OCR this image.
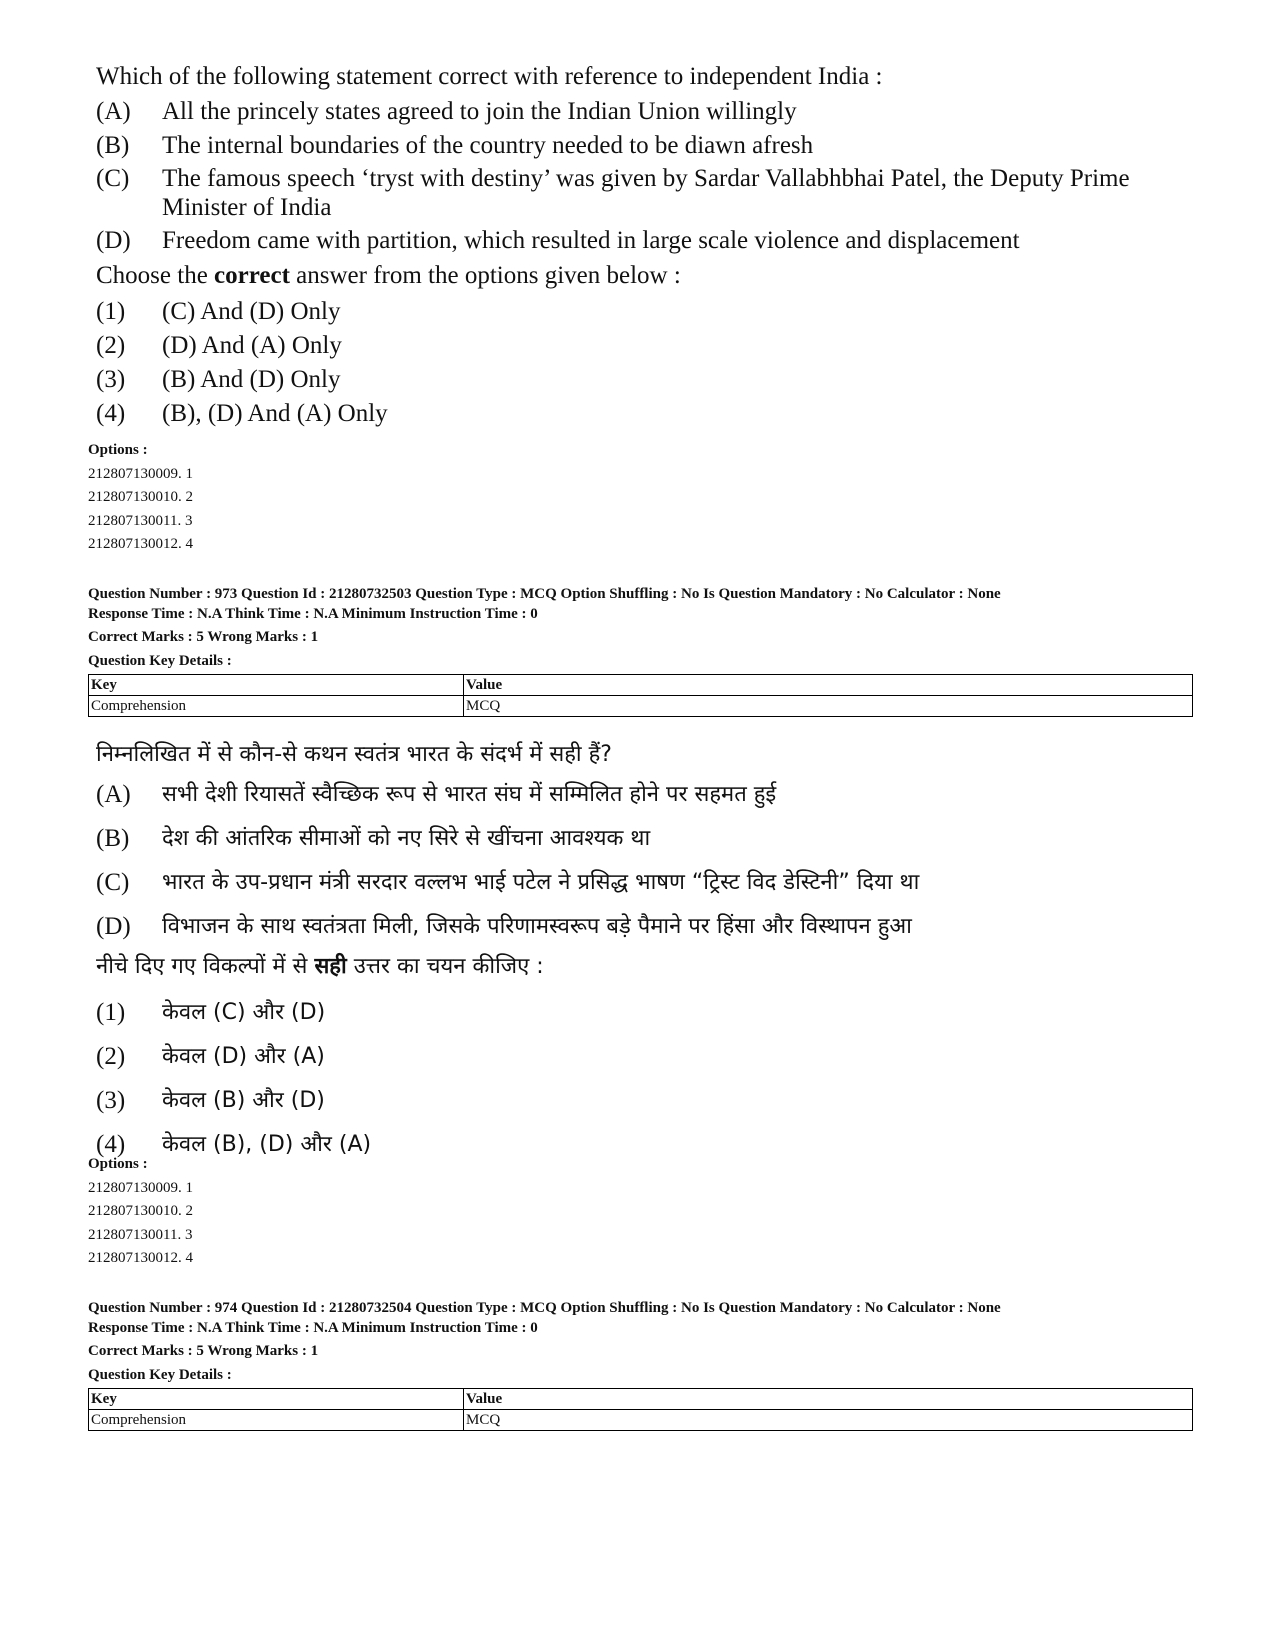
Which of the following statement correct with reference to independent India :
(A)	All the princely states agreed to join the Indian Union willingly
(B)	The internal boundaries of the country needed to be diawn afresh
(C)	The famous speech ‘tryst with destiny’ was given by Sardar Vallabhbhai Patel, the Deputy Prime Minister of India
(D)	Freedom came with partition, which resulted in large scale violence and displacement
Choose the correct answer from the options given below :
(1)	(C) And (D) Only
(2)	(D) And (A) Only
(3)	(B) And (D) Only
(4)	(B), (D) And (A) Only
Options :
212807130009. 1
212807130010. 2
212807130011. 3
212807130012. 4
Question Number : 973 Question Id : 21280732503 Question Type : MCQ Option Shuffling : No Is Question Mandatory : No Calculator : None
Response Time : N.A Think Time : N.A Minimum Instruction Time : 0
Correct Marks : 5 Wrong Marks : 1
Question Key Details :
Key	Value
Comprehension	MCQ
निम्नलिखित में से कौन-से कथन स्वतंत्र भारत के संदर्भ में सही हैं?
(A)	सभी देशी रियासतें स्वैच्छिक रूप से भारत संघ में सम्मिलित होने पर सहमत हुई
(B)	देश की आंतरिक सीमाओं को नए सिरे से खींचना आवश्यक था
(C)	भारत के उप-प्रधान मंत्री सरदार वल्लभ भाई पटेल ने प्रसिद्ध भाषण “ट्रिस्ट विद डेस्टिनी” दिया था
(D)	विभाजन के साथ स्वतंत्रता मिली, जिसके परिणामस्वरूप बड़े पैमाने पर हिंसा और विस्थापन हुआ
नीचे दिए गए विकल्पों में से सही उत्तर का चयन कीजिए :
(1)	केवल (C) और (D)
(2)	केवल (D) और (A)
(3)	केवल (B) और (D)
(4)	केवल (B), (D) और (A)
Options :
212807130009. 1
212807130010. 2
212807130011. 3
212807130012. 4
Question Number : 974 Question Id : 21280732504 Question Type : MCQ Option Shuffling : No Is Question Mandatory : No Calculator : None
Response Time : N.A Think Time : N.A Minimum Instruction Time : 0
Correct Marks : 5 Wrong Marks : 1
Question Key Details :
Key	Value
Comprehension	MCQ
